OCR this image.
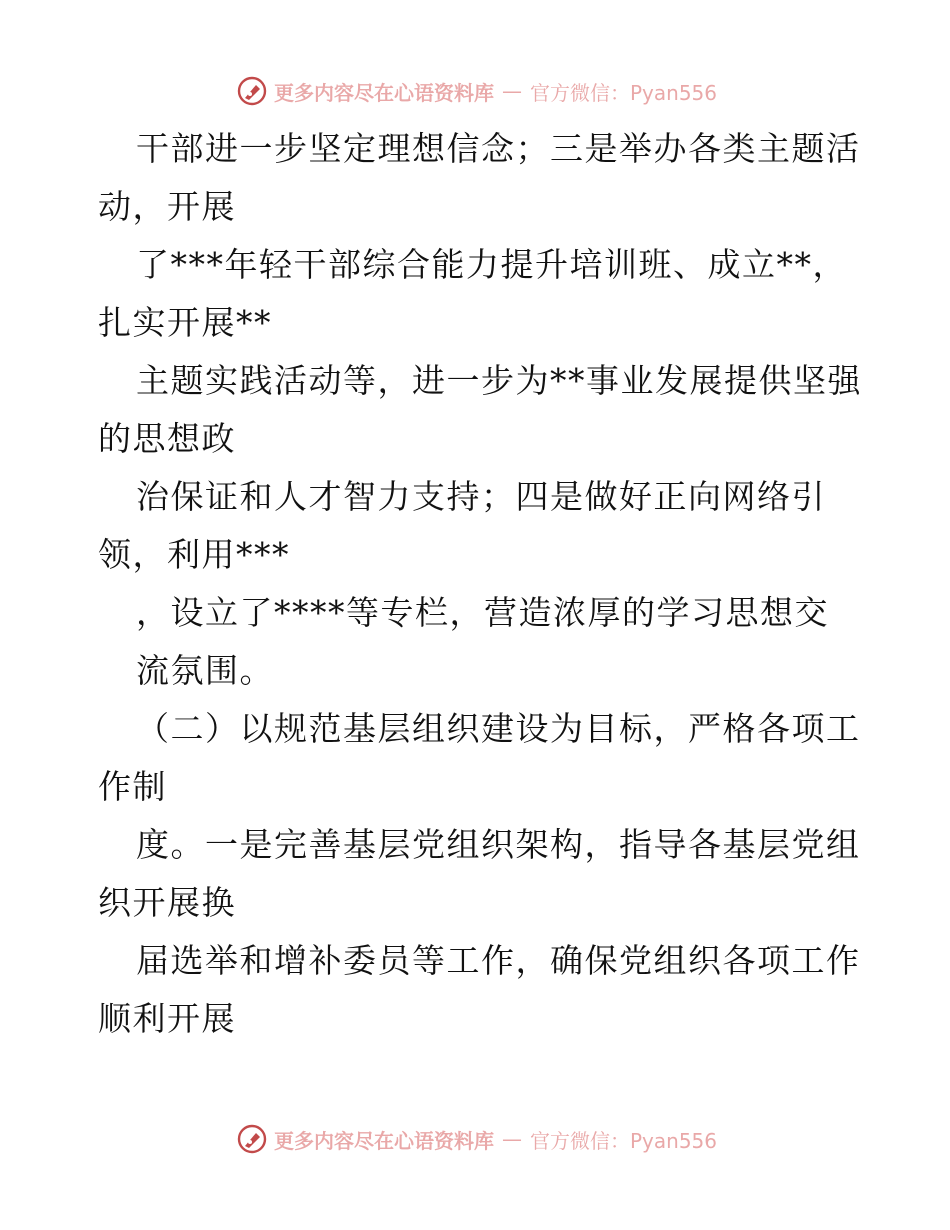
更多内容尽在心语资料库 — 官方微信：Pyan556
干部进一步坚定理想信念；三是举办各类主题活
动，开展
了***年轻干部综合能力提升培训班、成立**，
扎实开展**
主题实践活动等，进一步为**事业发展提供坚强
的思想政
治保证和人才智力支持；四是做好正向网络引
领，利用***
，设立了****等专栏，营造浓厚的学习思想交
流氛围。
（二）以规范基层组织建设为目标，严格各项工
作制
度。一是完善基层党组织架构，指导各基层党组
织开展换
届选举和增补委员等工作，确保党组织各项工作
顺利开展
更多内容尽在心语资料库 — 官方微信：Pyan556
